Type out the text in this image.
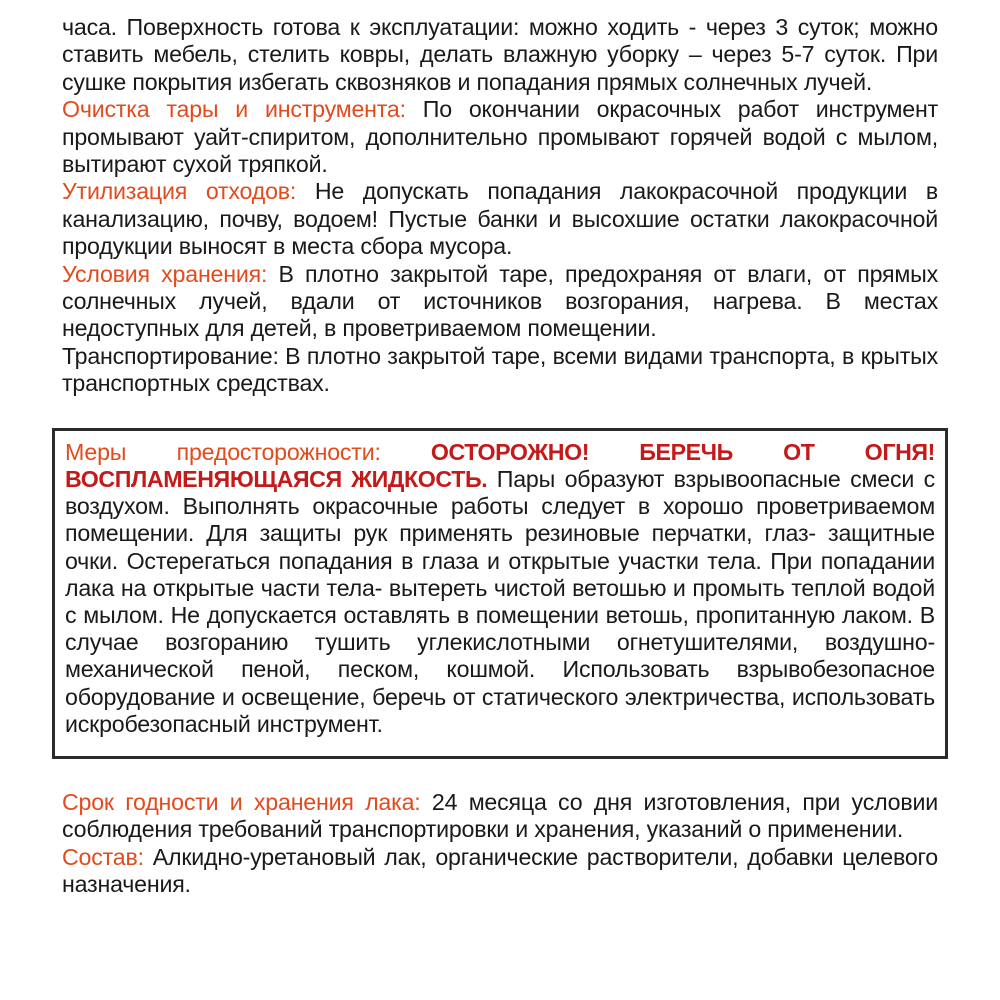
часа. Поверхность готова к эксплуатации: можно ходить - через 3 суток; можно ставить мебель, стелить ковры, делать влажную уборку – через 5-7 суток. При сушке покрытия избегать сквозняков и попадания прямых солнечных лучей.

Очистка тары и инструмента: По окончании окрасочных работ инструмент промывают уайт-спиритом, дополнительно промывают горячей водой с мылом, вытирают сухой тряпкой.

Утилизация отходов: Не допускать попадания лакокрасочной продукции в канализацию, почву, водоем! Пустые банки и высохшие остатки лакокрасочной продукции выносят в места сбора мусора.

Условия хранения: В плотно закрытой таре, предохраняя от влаги, от прямых солнечных лучей, вдали от источников возгорания, нагрева. В местах недоступных для детей, в проветриваемом помещении.

Транспортирование: В плотно закрытой таре, всеми видами транспорта, в крытых транспортных средствах.

Меры предосторожности: ОСТОРОЖНО! БЕРЕЧЬ ОТ ОГНЯ! ВОСПЛАМЕНЯЮЩАЯСЯ ЖИДКОСТЬ. Пары образуют взрывоопасные смеси с воздухом. Выполнять окрасочные работы следует в хорошо проветриваемом помещении. Для защиты рук применять резиновые перчатки, глаз- защитные очки. Остерегаться попадания в глаза и открытые участки тела. При попадании лака на открытые части тела- вытереть чистой ветошью и промыть теплой водой с мылом. Не допускается оставлять в помещении ветошь, пропитанную лаком. В случае возгоранию тушить углекислотными огнетушителями, воздушно- механической пеной, песком, кошмой. Использовать взрывобезопасное оборудование и освещение, беречь от статического электричества, использовать искробезопасный инструмент.

Срок годности и хранения лака: 24 месяца со дня изготовления, при условии соблюдения требований транспортировки и хранения, указаний о применении.

Состав: Алкидно-уретановый лак, органические растворители, добавки целевого назначения.
